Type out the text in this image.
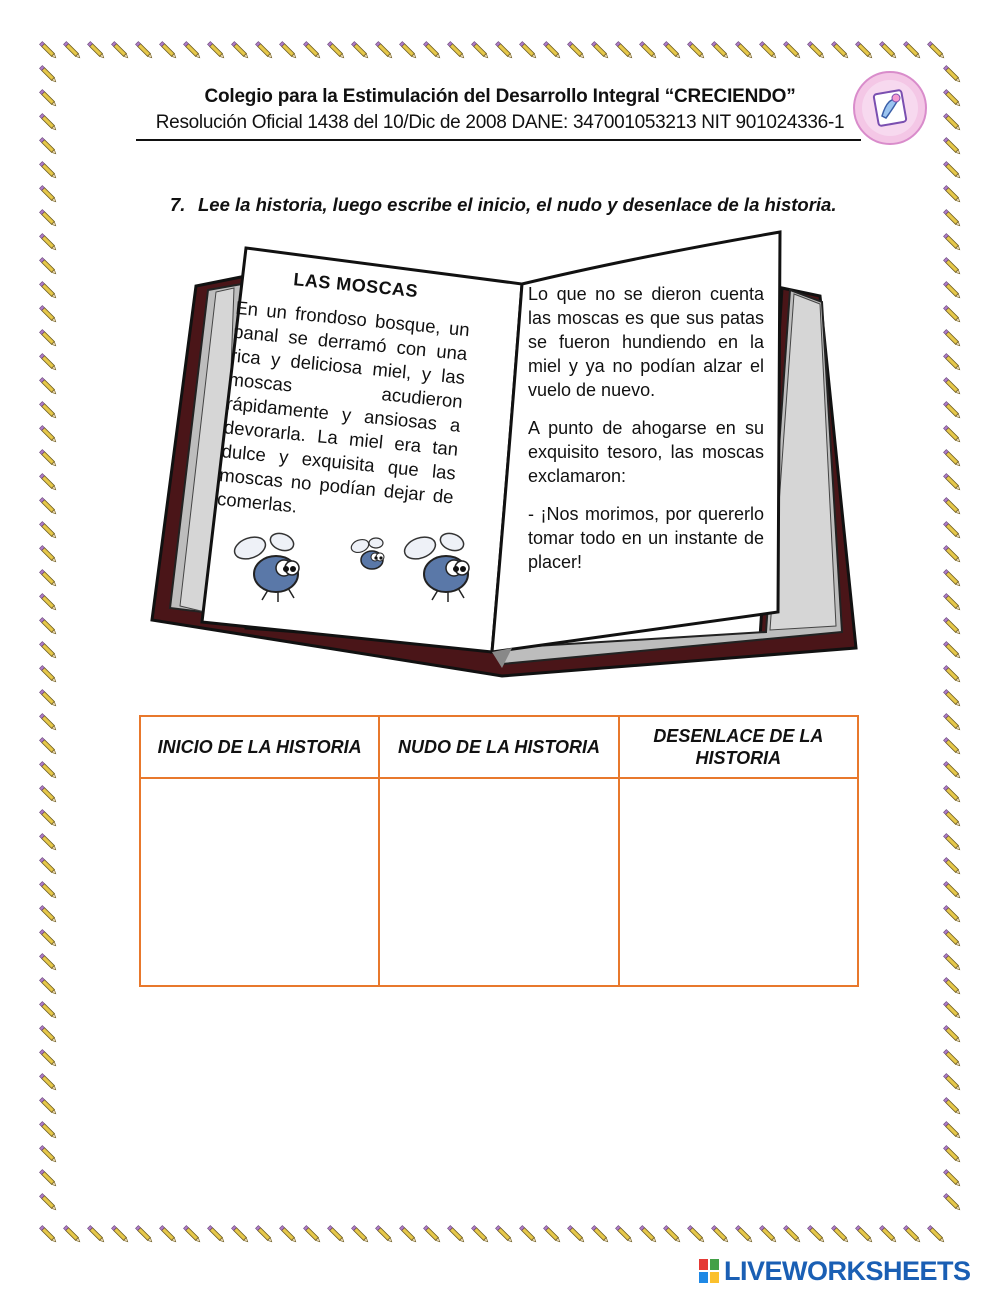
Colegio para la Estimulación del Desarrollo Integral “CRECIENDO”
Resolución Oficial 1438 del 10/Dic de 2008 DANE: 347001053213 NIT 901024336-1
7. Lee la historia, luego escribe el inicio, el nudo y desenlace de la historia.
LAS MOSCAS
En un frondoso bosque, un panal se derramó con una rica y deliciosa miel, y las moscas acudieron rápidamente y ansiosas a devorarla. La miel era tan dulce y exquisita que las moscas no podían dejar de comerlas.

Lo que no se dieron cuenta las moscas es que sus patas se fueron hundiendo en la miel y ya no podían alzar el vuelo de nuevo.

A punto de ahogarse en su exquisito tesoro, las moscas exclamaron:

- ¡Nos morimos, por quererlo tomar todo en un instante de placer!

INICIO DE LA HISTORIA	NUDO DE LA HISTORIA	DESENLACE DE LA HISTORIA

LIVEWORKSHEETS
